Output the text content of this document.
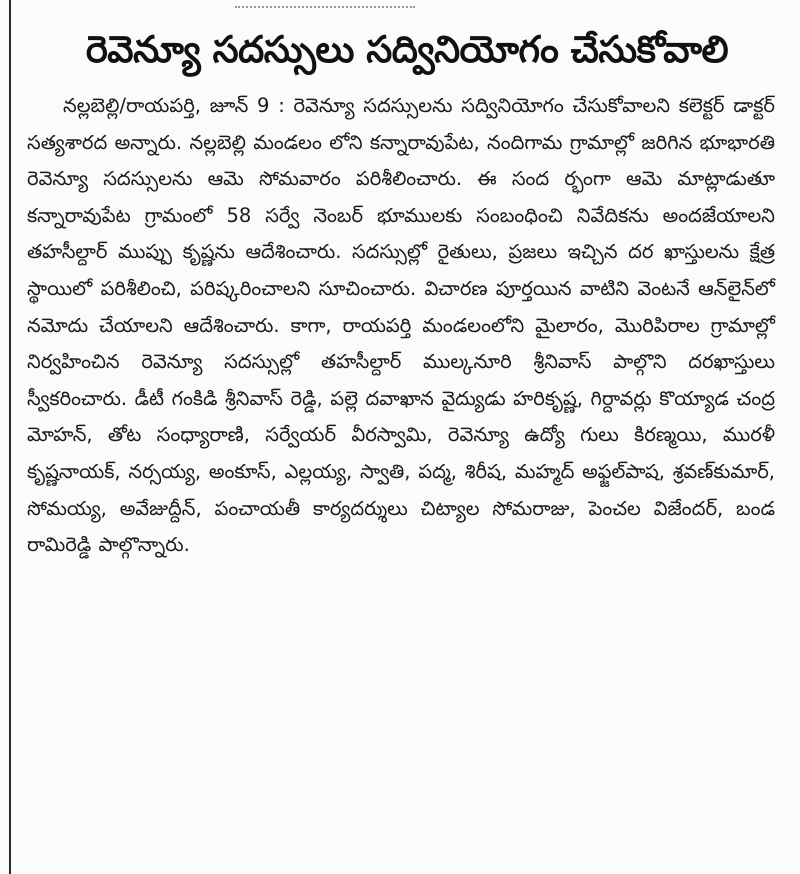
రెవెన్యూ సదస్సులు సద్వినియోగం చేసుకోవాలి
నల్లబెల్లి/రాయపర్తి, జూన్ 9 : రెవెన్యూ సదస్సులను సద్వినియోగం చేసుకోవాలని కలెక్టర్ డాక్టర్ సత్యశారద అన్నారు. నల్లబెల్లి మండలం లోని కన్నారావుపేట, నందిగామ గ్రామాల్లో జరిగిన భూభారతి రెవెన్యూ సదస్సులను ఆమె సోమవారం పరిశీలించారు. ఈ సంద ర్భంగా ఆమె మాట్లాడుతూ కన్నారావుపేట గ్రామంలో 58 సర్వే నెంబర్ భూములకు సంబంధించి నివేదికను అందజేయాలని తహసీల్దార్ ముప్పు కృష్ణను ఆదేశించారు. సదస్సుల్లో రైతులు, ప్రజలు ఇచ్చిన దర ఖాస్తులను క్షేత్ర స్థాయిలో పరిశీలించి, పరిష్కరించాలని సూచించారు. విచారణ పూర్తయిన వాటిని వెంటనే ఆన్‌లైన్‌లో నమోదు చేయాలని ఆదేశించారు. కాగా, రాయపర్తి మండలంలోని మైలారం, మొరిపిరాల గ్రామాల్లో నిర్వహించిన రెవెన్యూ సదస్సుల్లో తహసీల్దార్ ముల్కనూరి శ్రీనివాస్ పాల్గొని దరఖాస్తులు స్వీకరించారు. డీటీ గంకిడి శ్రీనివాస్ రెడ్డి, పల్లె దవాఖాన వైద్యుడు హరికృష్ణ, గిర్దావర్లు కొయ్యాడ చంద్ర మోహన్, తోట సంధ్యారాణి, సర్వేయర్ వీరస్వామి, రెవెన్యూ ఉద్యో గులు కిరణ్మయి, మురళీ కృష్ణనాయక్, నర్సయ్య, అంకూస్, ఎల్లయ్య, స్వాతి, పద్మ, శిరీష, మహ్మద్ అఫ్జల్‌పాష, శ్రవణ్‌కుమార్, సోమయ్య, అవేజుద్దీన్, పంచాయతీ కార్యదర్శులు చిట్యాల సోమరాజు, పెంచల విజేందర్, బండ రామిరెడ్డి పాల్గొన్నారు.
